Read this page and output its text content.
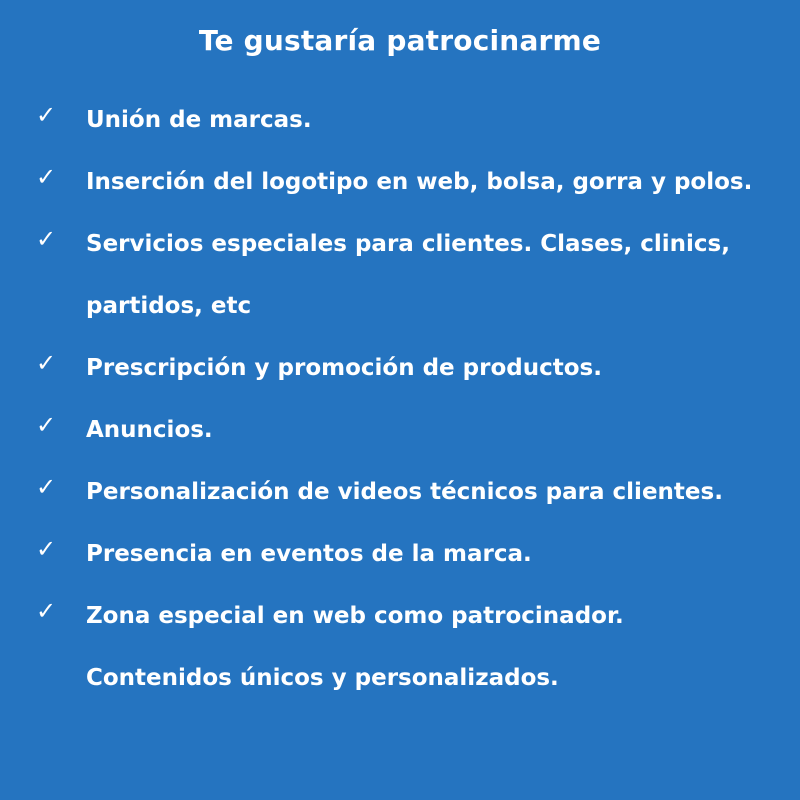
Te gustaría patrocinarme
✓ Unión de marcas.
✓ Inserción del logotipo en web, bolsa, gorra y polos.
✓ Servicios especiales para clientes. Clases, clinics, partidos, etc
✓ Prescripción y promoción de productos.
✓ Anuncios.
✓ Personalización de videos técnicos para clientes.
✓ Presencia en eventos de la marca.
✓ Zona especial en web como patrocinador. Contenidos únicos y personalizados.
